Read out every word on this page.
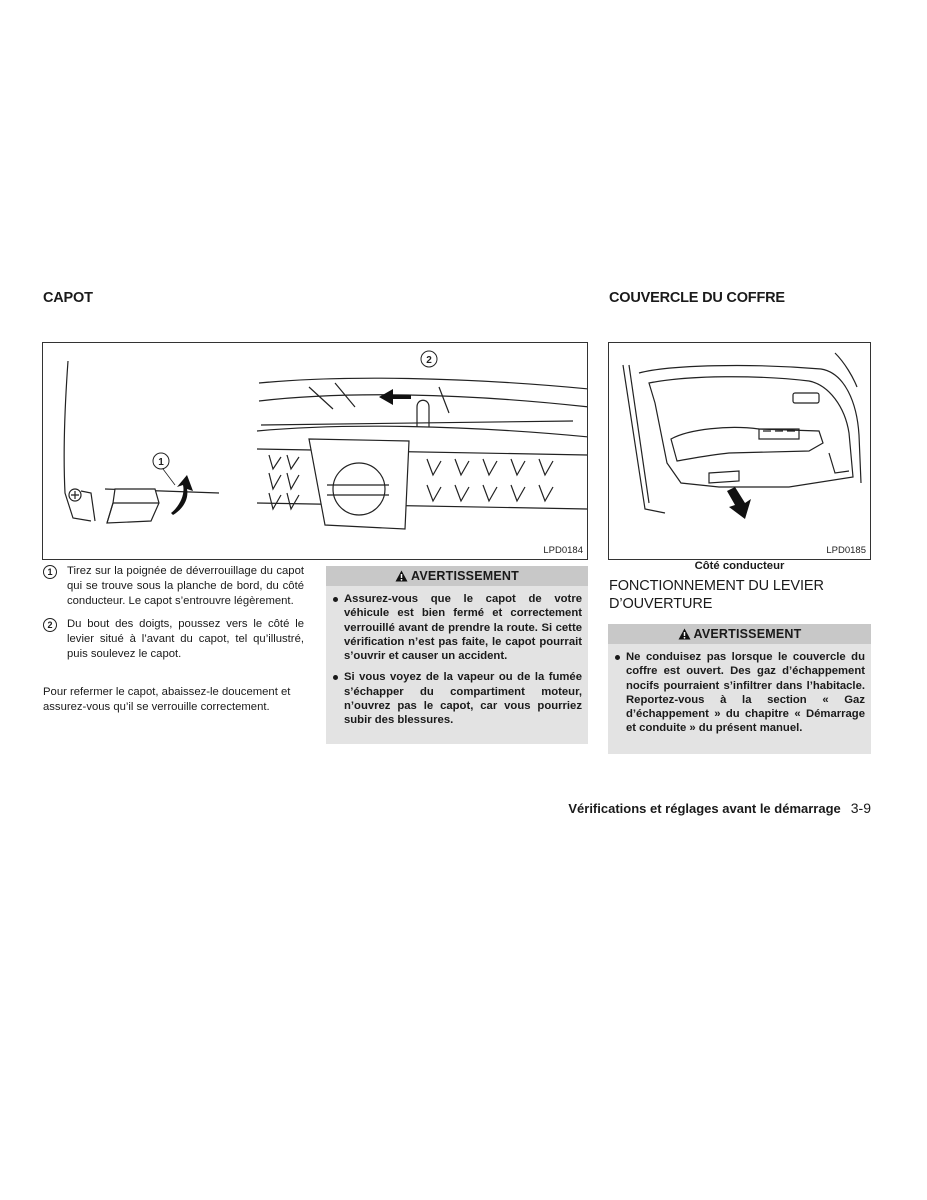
CAPOT	COUVERCLE DU COFFRE
1
2
LPD0184	LPD0185
1	Tirez sur la poignée de déverrouillage du capot qui se trouve sous la planche de bord, du côté conducteur. Le capot s’entrouvre légèrement.
2	Du bout des doigts, poussez vers le côté le levier situé à l’avant du capot, tel qu’illustré, puis soulevez le capot.
Pour refermer le capot, abaissez-le doucement et assurez-vous qu’il se verrouille correctement.
AVERTISSEMENT
Assurez-vous que le capot de votre véhicule est bien fermé et correctement verrouillé avant de prendre la route. Si cette vérification n’est pas faite, le capot pourrait s’ouvrir et causer un accident.
Si vous voyez de la vapeur ou de la fumée s’échapper du compartiment moteur, n’ouvrez pas le capot, car vous pourriez subir des blessures.
Côté conducteur
FONCTIONNEMENT DU LEVIER D’OUVERTURE
AVERTISSEMENT
Ne conduisez pas lorsque le couvercle du coffre est ouvert. Des gaz d’échappement nocifs pourraient s’infiltrer dans l’habitacle. Reportez-vous à la section « Gaz d’échappement » du chapitre « Démarrage et conduite » du présent manuel.
Vérifications et réglages avant le démarrage 3-9
